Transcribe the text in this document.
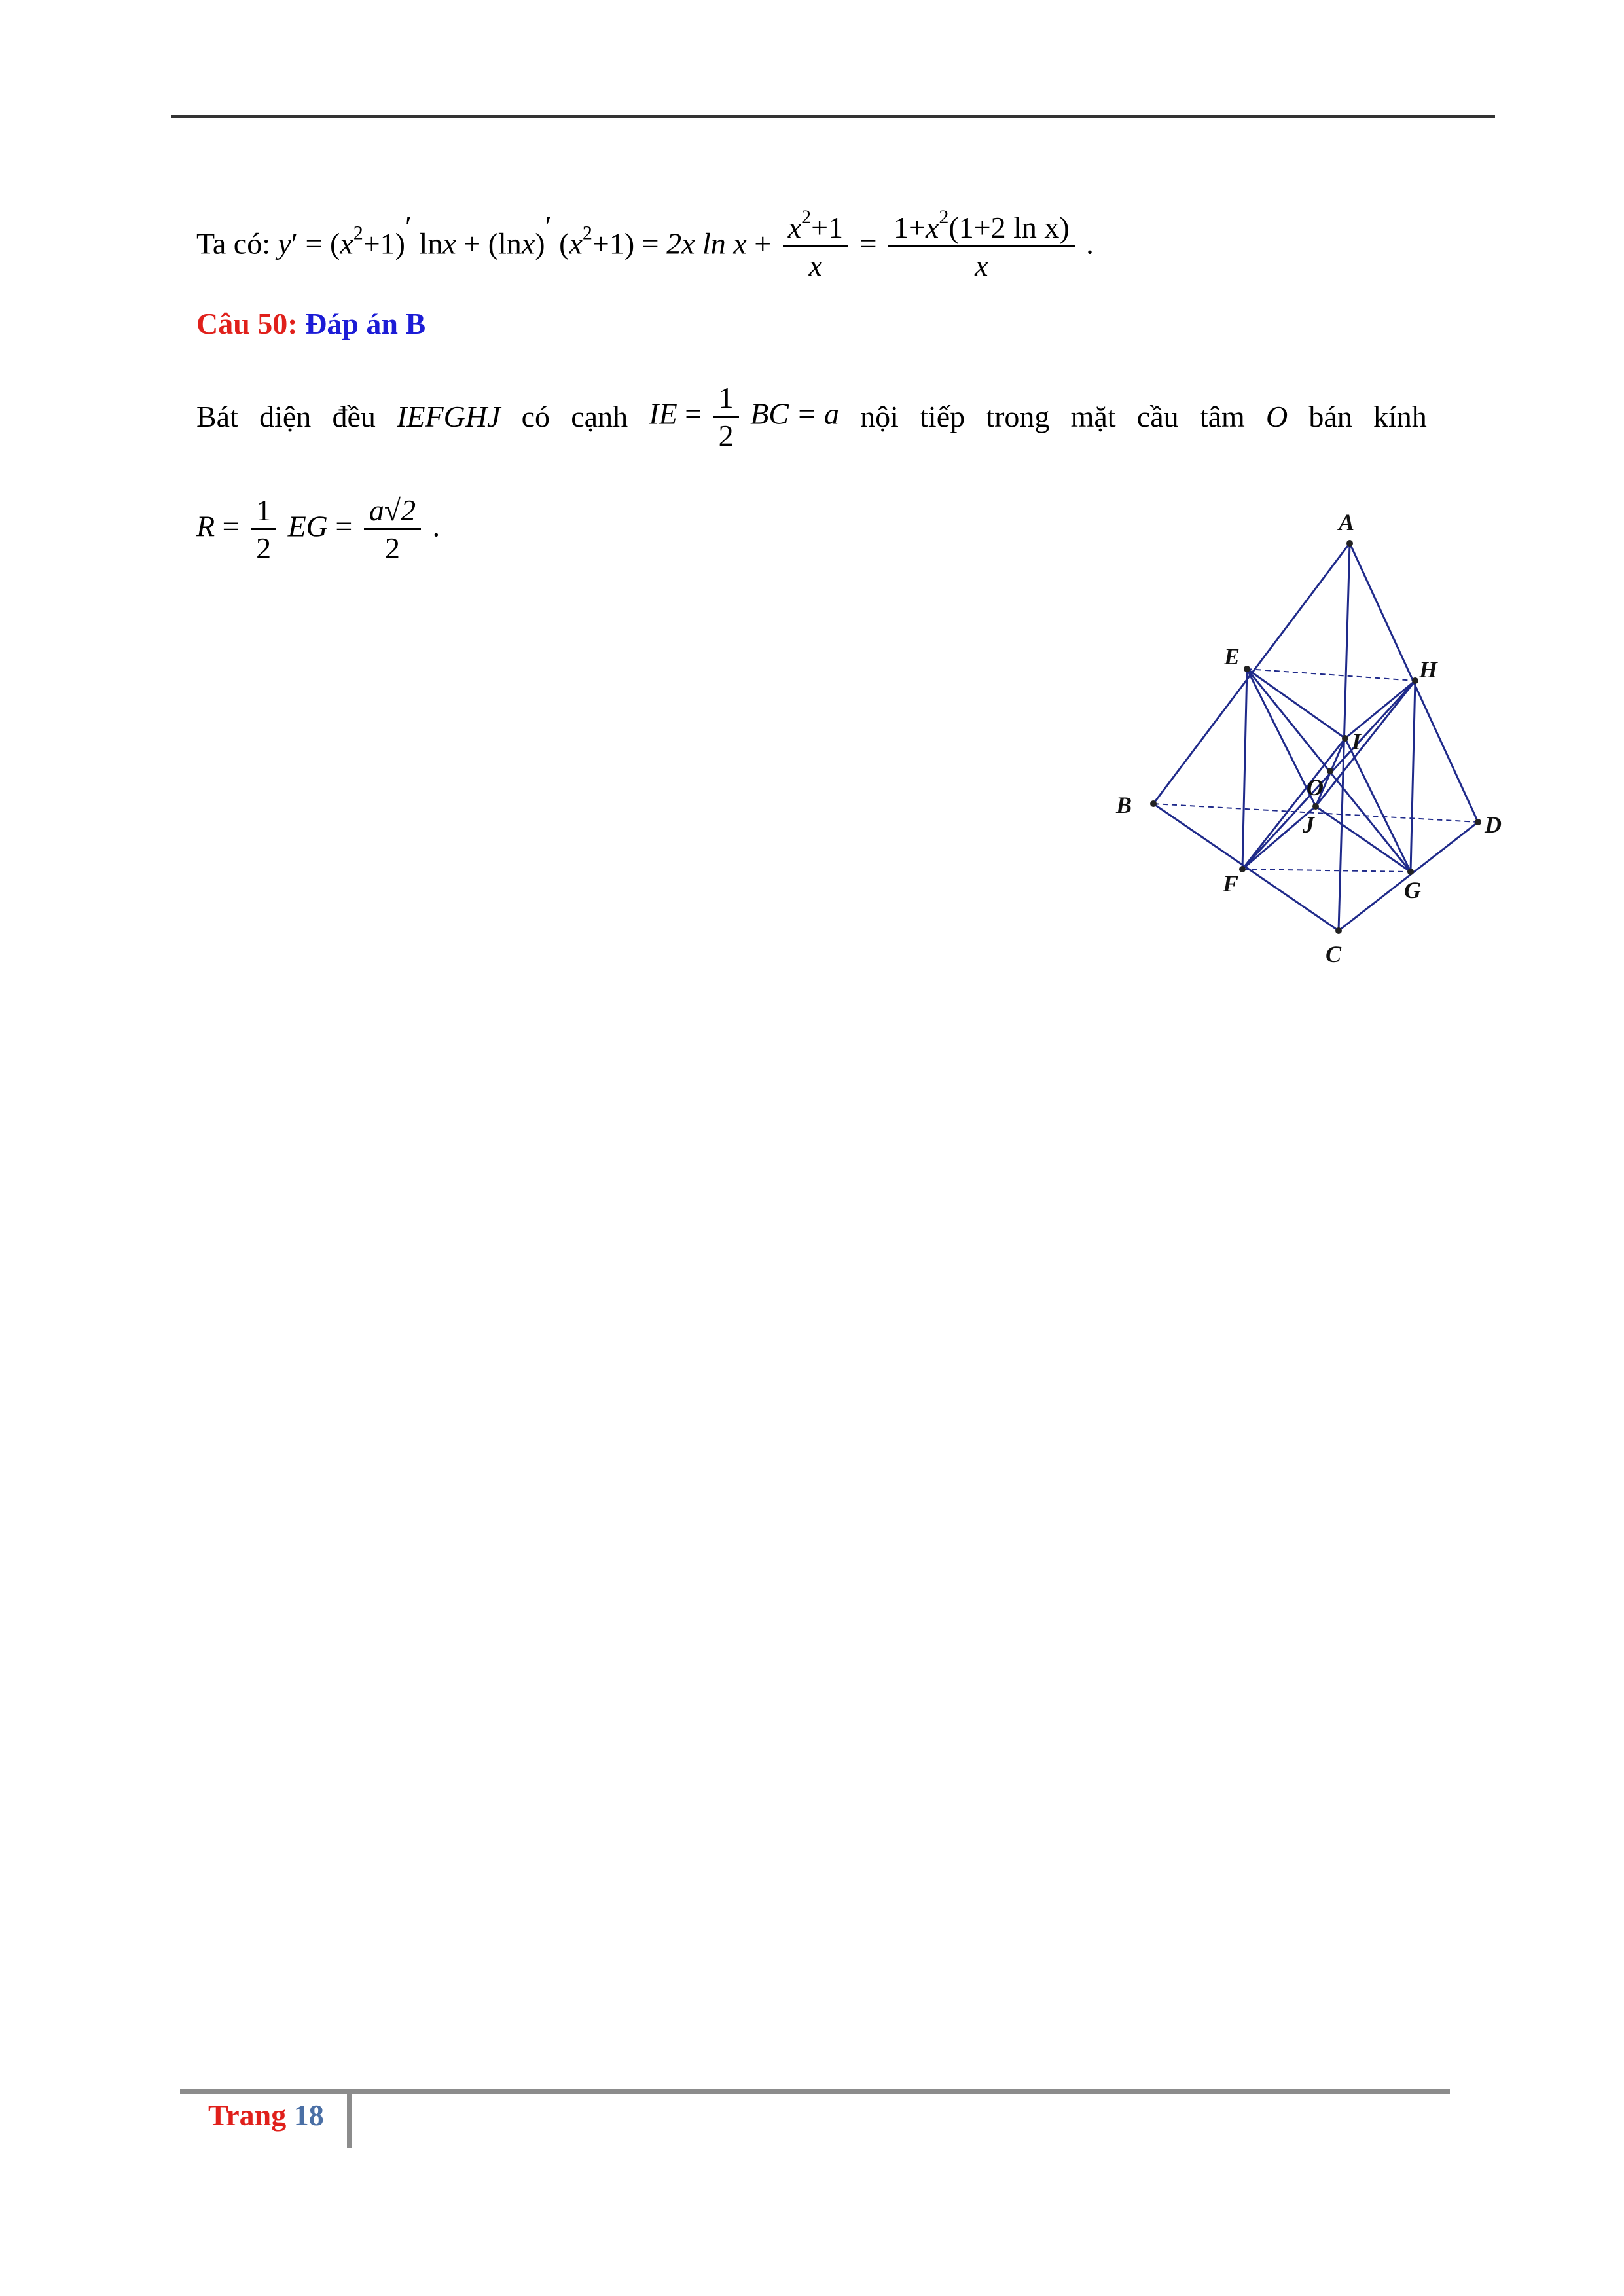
Ta có: $y' = (x^2+1)'$ lnx + (lnx)′ $(x^2+1) = 2x$ $\ln x + \frac{x^2+1}{x} = \frac{1+x^2(1+2 \ln x)}{x}$ .
Câu 50: Đáp án B
Bát diện đều IEFGHJ có cạnh IE = $\frac{1}{2}$ BC = a nội tiếp trong mặt cầu tâm O bán kính
$R = \frac{1}{2}$ EG = $\frac{a√2}{2}$ .	A
B
C
D
E
F	G
H
I
J
O
Trang 18
